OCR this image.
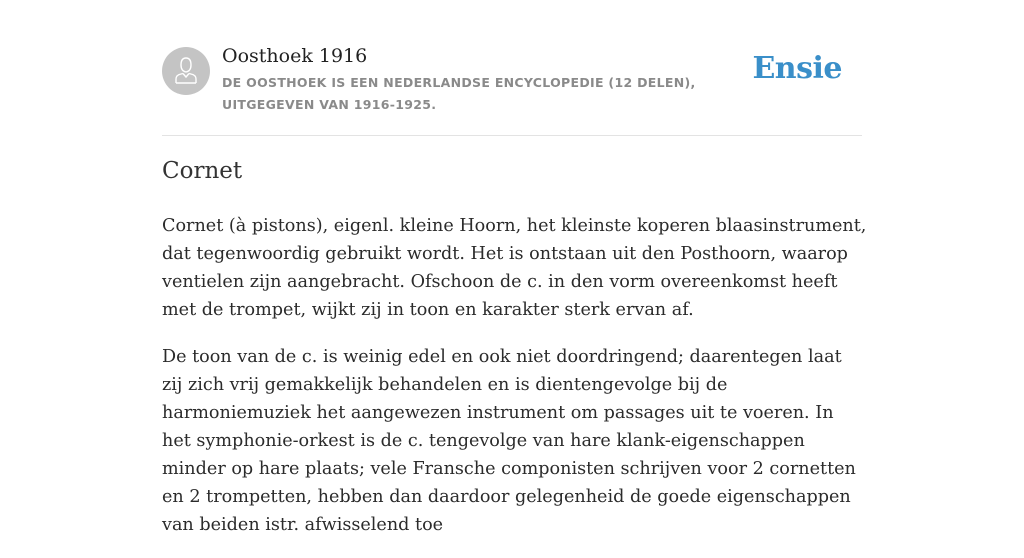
Oosthoek 1916
DE OOSTHOEK IS EEN NEDERLANDSE ENCYCLOPEDIE (12 DELEN), UITGEGEVEN VAN 1916-1925.
Ensie
Cornet

Cornet (à pistons), eigenl. kleine Hoorn, het kleinste koperen blaasinstrument, dat tegenwoordig gebruikt wordt. Het is ontstaan uit den Posthoorn, waarop ventielen zijn aangebracht. Ofschoon de c. in den vorm overeenkomst heeft met de trompet, wijkt zij in toon en karakter sterk ervan af.

De toon van de c. is weinig edel en ook niet doordringend; daarentegen laat zij zich vrij gemakkelijk behandelen en is dientengevolge bij de harmoniemuziek het aangewezen instrument om passages uit te voeren. In het symphonie-orkest is de c. tengevolge van hare klank-eigenschappen minder op hare plaats; vele Fransche componisten schrijven voor 2 cornetten en 2 trompetten, hebben dan daardoor gelegenheid de goede eigenschappen van beiden istr. afwisselend toe
